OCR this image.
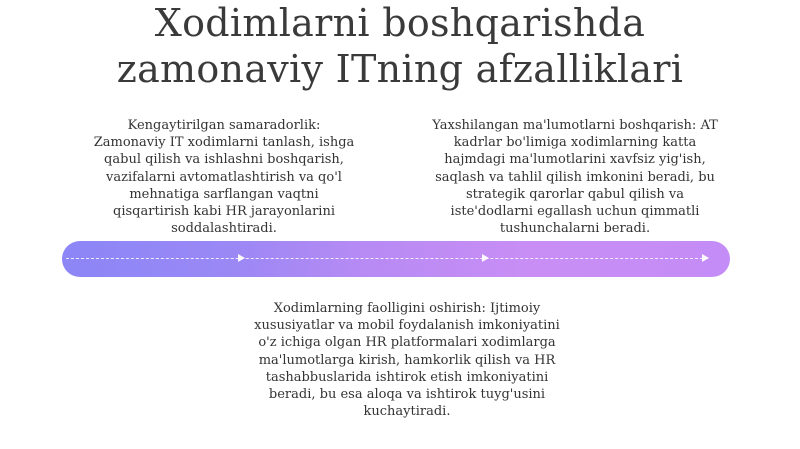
Xodimlarni boshqarishda
zamonaviy ITning afzalliklari
Kengaytirilgan samaradorlik:
Zamonaviy IT xodimlarni tanlash, ishga
qabul qilish va ishlashni boshqarish,
vazifalarni avtomatlashtirish va qo'l
mehnatiga sarflangan vaqtni
qisqartirish kabi HR jarayonlarini
soddalashtiradi.
Yaxshilangan ma'lumotlarni boshqarish: AT
kadrlar bo'limiga xodimlarning katta
hajmdagi ma'lumotlarini xavfsiz yig'ish,
saqlash va tahlil qilish imkonini beradi, bu
strategik qarorlar qabul qilish va
iste'dodlarni egallash uchun qimmatli
tushunchalarni beradi.
Xodimlarning faolligini oshirish: Ijtimoiy
xususiyatlar va mobil foydalanish imkoniyatini
o'z ichiga olgan HR platformalari xodimlarga
ma'lumotlarga kirish, hamkorlik qilish va HR
tashabbuslarida ishtirok etish imkoniyatini
beradi, bu esa aloqa va ishtirok tuyg'usini
kuchaytiradi.
